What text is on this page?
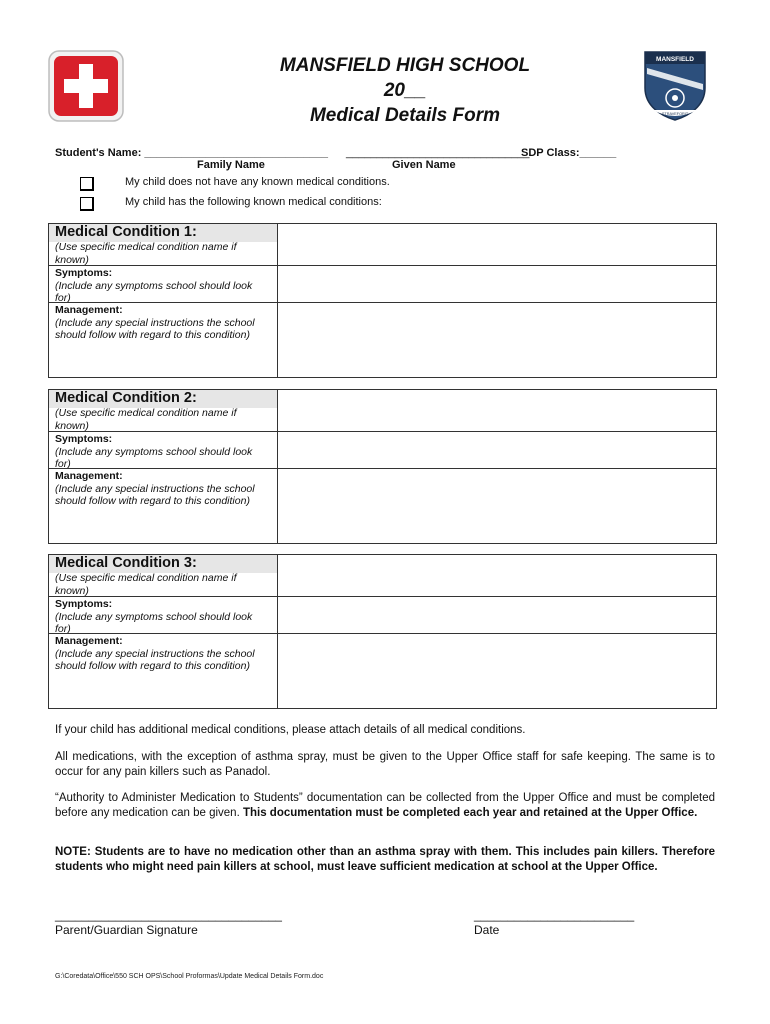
MANSFIELD HIGH SCHOOL
20__
Medical Details Form
MANSFIELD
STRAVEFORIT
Student's Name: ______________________________ ______________________________
SDP Class:______
Family Name	Given Name
My child does not have any known medical conditions.
My child has the following known medical conditions:
Medical Condition 1:
(Use specific medical condition name if known)
Symptoms:
(Include any symptoms school should look for)
Management:
(Include any special instructions the school should follow with regard to this condition)
Medical Condition 2:
(Use specific medical condition name if known)
Symptoms:
(Include any symptoms school should look for)
Management:
(Include any special instructions the school should follow with regard to this condition)
Medical Condition 3:
(Use specific medical condition name if known)
Symptoms:
(Include any symptoms school should look for)
Management:
(Include any special instructions the school should follow with regard to this condition)
If your child has additional medical conditions, please attach details of all medical conditions.
All medications, with the exception of asthma spray, must be given to the Upper Office staff for safe keeping. The same is to occur for any pain killers such as Panadol.
“Authority to Administer Medication to Students” documentation can be collected from the Upper Office and must be completed before any medication can be given. This documentation must be completed each year and retained at the Upper Office.
NOTE: Students are to have no medication other than an asthma spray with them. This includes pain killers. Therefore students who might need pain killers at school, must leave sufficient medication at school at the Upper Office.
__________________________________	________________________
Parent/Guardian Signature	Date
G:\Coredata\Office\550 SCH OPS\School Proformas\Update Medical Details Form.doc
